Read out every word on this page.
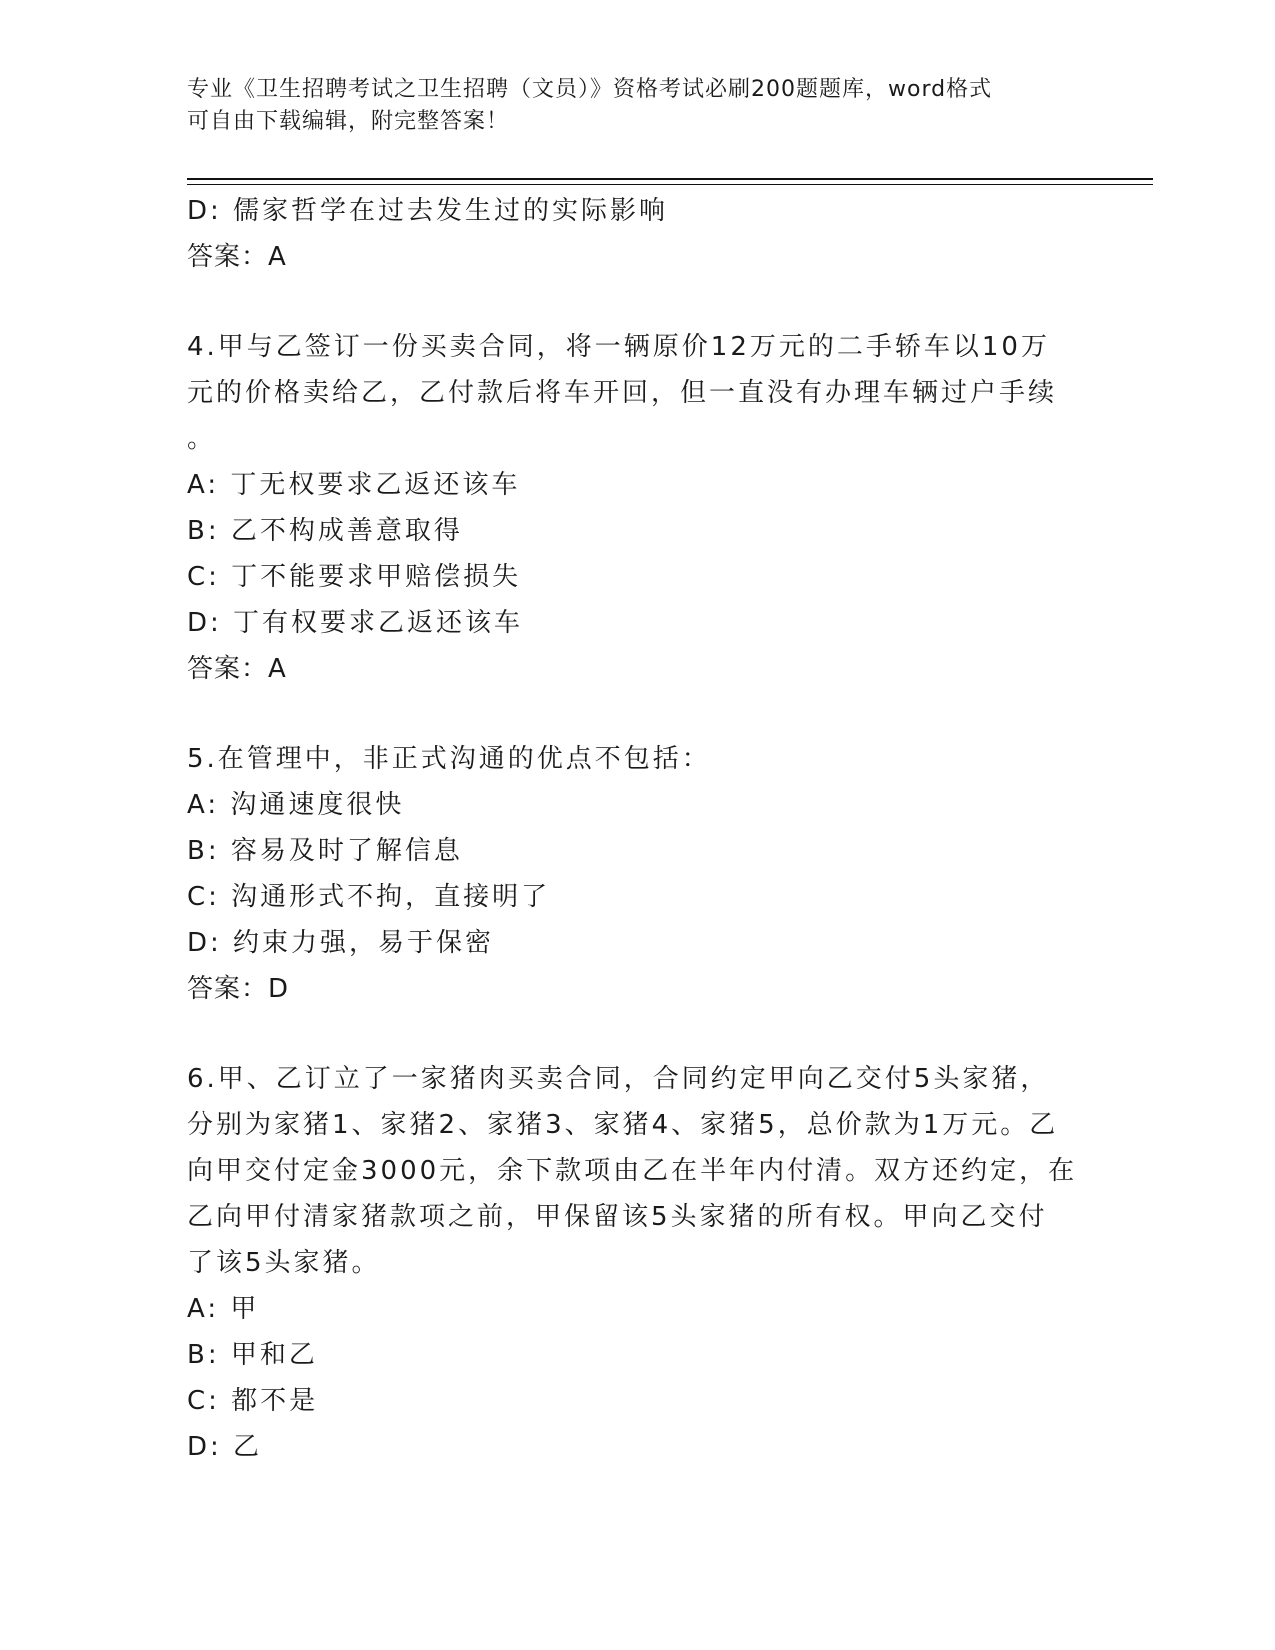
专业《卫生招聘考试之卫生招聘（文员）》资格考试必刷200题题库，word格式
可自由下载编辑，附完整答案！
D: 儒家哲学在过去发生过的实际影响
答案：A
4.甲与乙签订一份买卖合同，将一辆原价12万元的二手轿车以10万
元的价格卖给乙，乙付款后将车开回，但一直没有办理车辆过户手续
。
A: 丁无权要求乙返还该车
B: 乙不构成善意取得
C: 丁不能要求甲赔偿损失
D: 丁有权要求乙返还该车
答案：A
5.在管理中，非正式沟通的优点不包括：
A: 沟通速度很快
B: 容易及时了解信息
C: 沟通形式不拘，直接明了
D: 约束力强，易于保密
答案：D
6.甲、乙订立了一家猪肉买卖合同，合同约定甲向乙交付5头家猪，
分别为家猪1、家猪2、家猪3、家猪4、家猪5，总价款为1万元。乙
向甲交付定金3000元，余下款项由乙在半年内付清。双方还约定，在
乙向甲付清家猪款项之前，甲保留该5头家猪的所有权。甲向乙交付
了该5头家猪。
A: 甲
B: 甲和乙
C: 都不是
D: 乙
